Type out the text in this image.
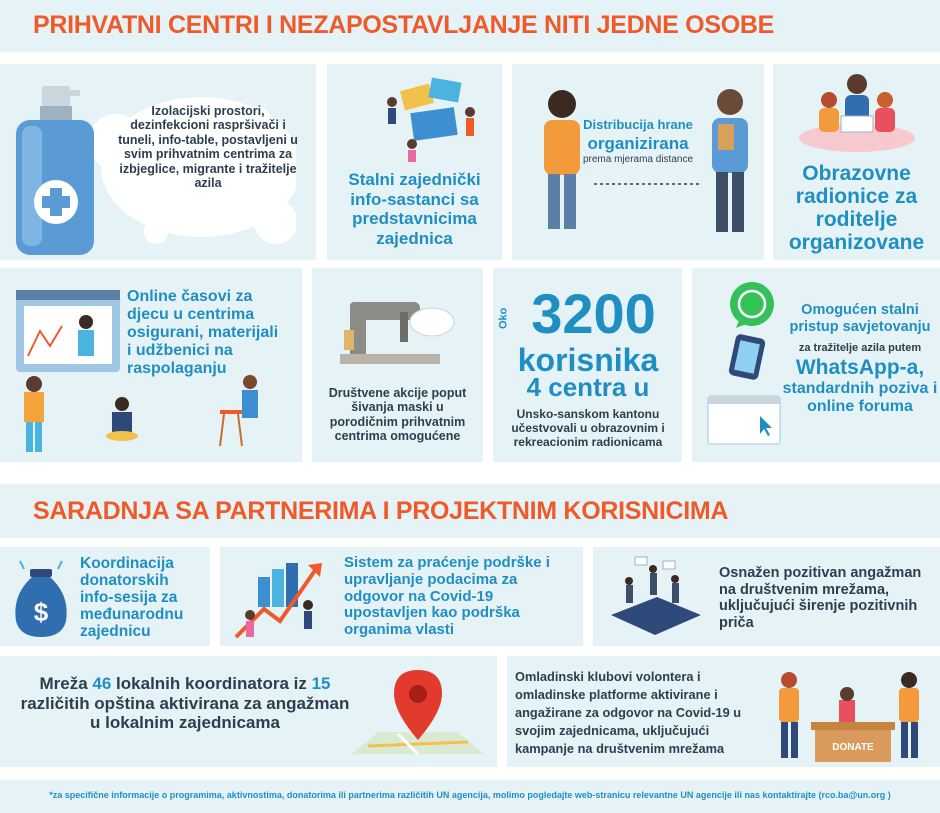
PRIHVATNI CENTRI I NEZAPOSTAVLJANJE NITI JEDNE OSOBE
Izolacijski prostori, dezinfekcioni raspršivači i tuneli, info-table, postavljeni u svim prihvatnim centrima za izbjeglice, migrante i tražitelje azila	Stalni zajednički info-sastanci sa predstavnicima zajednica
Distribucija hrane
organizirana
prema mjerama distance
Obrazovne radionice za roditelje organizovane
Online časovi za djecu u centrima osigurani, materijali i udžbenici na raspolaganju
Društvene akcije poput šivanja maski u porodičnim prihvatnim centrima omogućene
Oko 3200
korisnika
4 centra u
Unsko-sanskom kantonu učestvovali u obrazovnim i rekreacionim radionicama
Omogućen stalni pristup savjetovanju
za tražitelje azila putem
WhatsApp-a,
standardnih poziva i online foruma
SARADNJA SA PARTNERIMA I PROJEKTNIM KORISNICIMA
$
Koordinacija donatorskih info-sesija za međunarodnu zajednicu
Sistem za praćenje podrške i upravljanje podacima za odgovor na Covid-19 upostavljen kao podrška organima vlasti
Osnažen pozitivan angažman na društvenim mrežama, uključujući širenje pozitivnih priča
Mreža 46 lokalnih koordinatora iz 15 različitih opština aktivirana za angažman u lokalnim zajednicama
Omladinski klubovi volontera i omladinske platforme aktivirane i angažirane za odgovor na Covid-19 u svojim zajednicama, uključujući kampanje na društvenim mrežama	DONATE
*za specifične informacije o programima, aktivnostima, donatorima ili partnerima različitih UN agencija, molimo pogledajte web-stranicu relevantne UN agencije ili nas kontaktirajte (rco.ba@un.org )
